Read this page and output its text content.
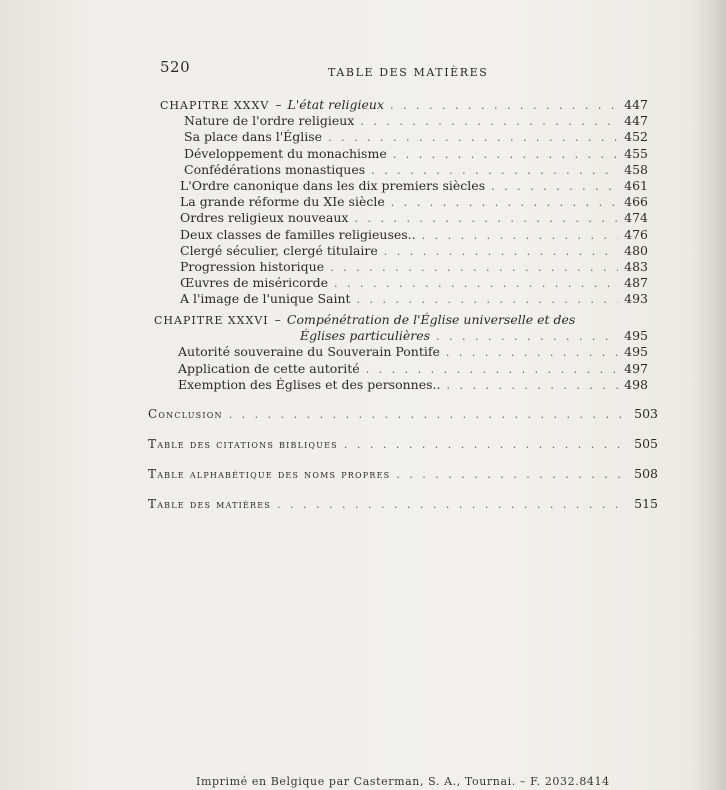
520	TABLE DES MATIÈRES
CHAPITRE XXXV – L'état religieux . . .	447
Nature de l'ordre religieux . . .	447
Sa place dans l'Église . . .	452
Développement du monachisme . . .	455
Confédérations monastiques . . .	458
L'Ordre canonique dans les dix premiers siècles . . .	461
La grande réforme du XIe siècle . . .	466
Ordres religieux nouveaux . . .	474
Deux classes de familles religieuses.. . . .	476
Clergé séculier, clergé titulaire . . .	480
Progression historique . . .	483
Œuvres de miséricorde . . .	487
A l'image de l'unique Saint . . .	493
CHAPITRE XXXVI – Compénétration de l'Église universelle et des
Églises particulières . . .	495
Autorité souveraine du Souverain Pontife . . .	495
Application de cette autorité . . .	497
Exemption des Églises et des personnes.. . . .	498
Conclusion . . .	503
Table des citations bibliques . . .	505
Table alphabétique des noms propres . . .	508
Table des matières . . .	515
Imprimé en Belgique par Casterman, S. A., Tournai. – F. 2032.8414
